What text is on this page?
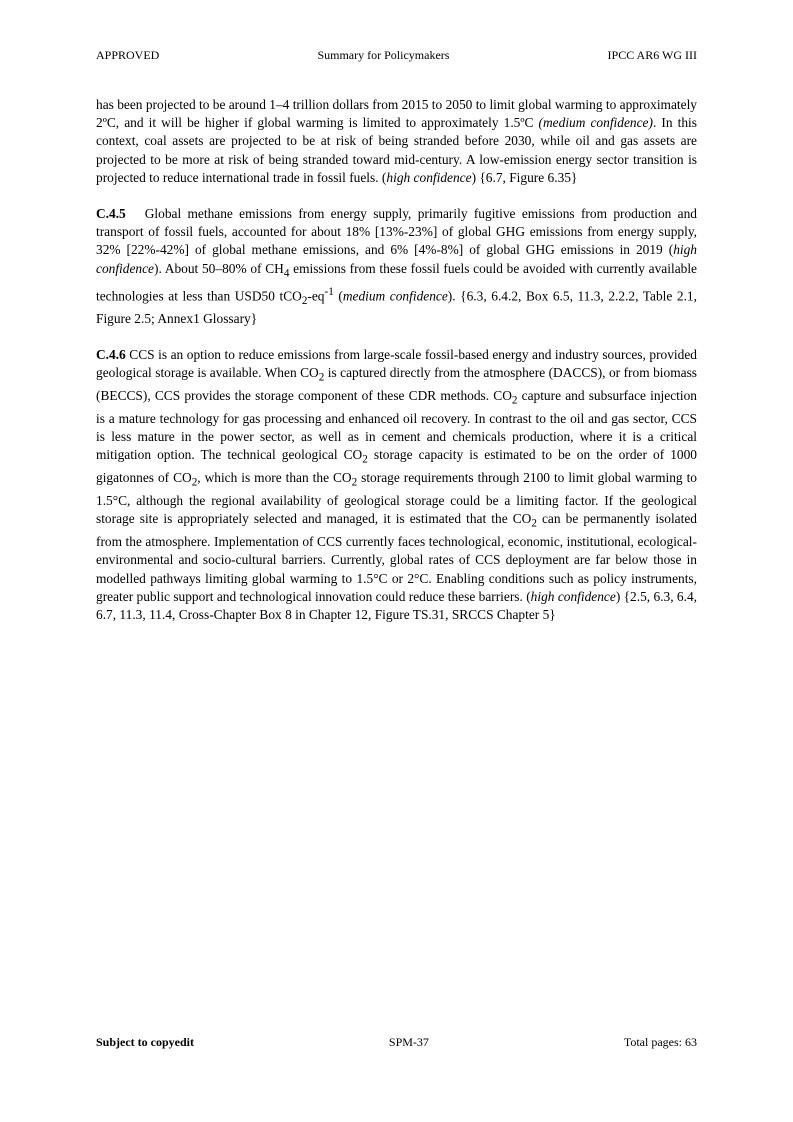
APPROVED	Summary for Policymakers	IPCC AR6 WG III

has been projected to be around 1–4 trillion dollars from 2015 to 2050 to limit global warming to approximately 2ºC, and it will be higher if global warming is limited to approximately 1.5ºC (medium confidence). In this context, coal assets are projected to be at risk of being stranded before 2030, while oil and gas assets are projected to be more at risk of being stranded toward mid-century. A low-emission energy sector transition is projected to reduce international trade in fossil fuels. (high confidence) {6.7, Figure 6.35}

C.4.5 Global methane emissions from energy supply, primarily fugitive emissions from production and transport of fossil fuels, accounted for about 18% [13%-23%] of global GHG emissions from energy supply, 32% [22%-42%] of global methane emissions, and 6% [4%-8%] of global GHG emissions in 2019 (high confidence). About 50–80% of $CH_4$ emissions from these fossil fuels could be avoided with currently available technologies at less than USD50 $tCO_2-eq^{-1}$ (medium confidence). {6.3, 6.4.2, Box 6.5, 11.3, 2.2.2, Table 2.1, Figure 2.5; Annex1 Glossary}

C.4.6 CCS is an option to reduce emissions from large-scale fossil-based energy and industry sources, provided geological storage is available. When $CO_2$ is captured directly from the atmosphere (DACCS), or from biomass (BECCS), CCS provides the storage component of these CDR methods. $CO_2$ capture and subsurface injection is a mature technology for gas processing and enhanced oil recovery. In contrast to the oil and gas sector, CCS is less mature in the power sector, as well as in cement and chemicals production, where it is a critical mitigation option. The technical geological $CO_2$ storage capacity is estimated to be on the order of 1000 gigatonnes of $CO_2$, which is more than the $CO_2$ storage requirements through 2100 to limit global warming to 1.5°C, although the regional availability of geological storage could be a limiting factor. If the geological storage site is appropriately selected and managed, it is estimated that the $CO_2$ can be permanently isolated from the atmosphere. Implementation of CCS currently faces technological, economic, institutional, ecological-environmental and socio-cultural barriers. Currently, global rates of CCS deployment are far below those in modelled pathways limiting global warming to 1.5°C or 2°C. Enabling conditions such as policy instruments, greater public support and technological innovation could reduce these barriers. (high confidence) {2.5, 6.3, 6.4, 6.7, 11.3, 11.4, Cross-Chapter Box 8 in Chapter 12, Figure TS.31, SRCCS Chapter 5}

Subject to copyedit	SPM-37	Total pages: 63
